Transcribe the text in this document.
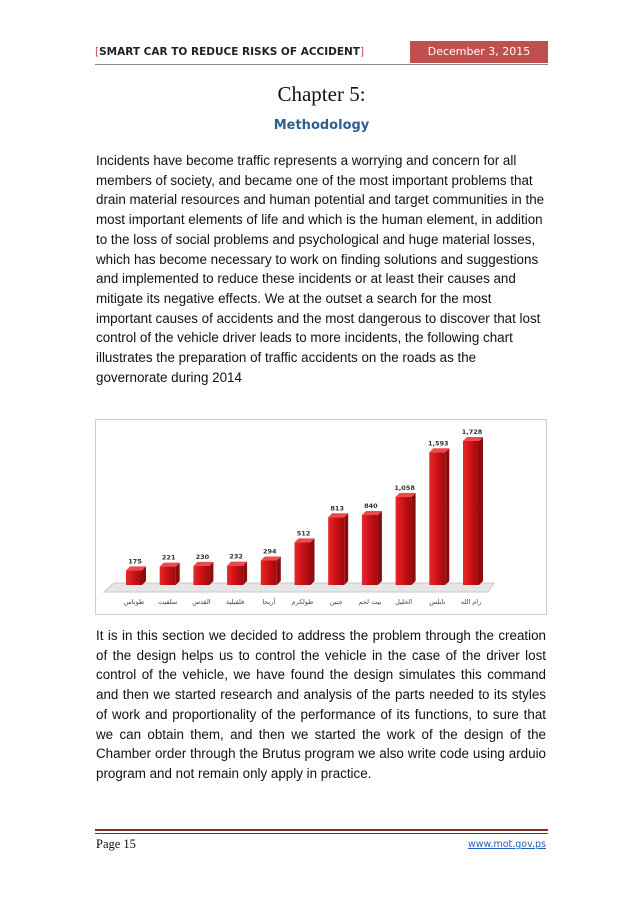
[SMART CAR TO REDUCE RISKS OF ACCIDENT]	December 3, 2015
Chapter 5:
Methodology

Incidents have become traffic represents a worrying and concern for all members of society, and became one of the most important problems that drain material resources and human potential and target communities in the most important elements of life and which is the human element, in addition to the loss of social problems and psychological and huge material losses, which has become necessary to work on finding solutions and suggestions and implemented to reduce these incidents or at least their causes and mitigate its negative effects. We at the outset a search for the most important causes of accidents and the most dangerous to discover that lost control of the vehicle driver leads to more incidents, the following chart illustrates the preparation of traffic accidents on the roads as the governorate during 2014

175	221	230	232
294
512
813	840
1,058
1,593
1,728
طوباس سلفيت القدس قلقيلية	أريحا	طولكرم	جنين بيت لحم الخليل	نابلس رام الله

It is in this section we decided to address the problem through the creation of the design helps us to control the vehicle in the case of the driver lost control of the vehicle, we have found the design simulates this command and then we started research and analysis of the parts needed to its styles of work and proportionality of the performance of its functions, to sure that we can obtain them, and then we started the work of the design of the Chamber order through the Brutus program we also write code using arduio program and not remain only apply in practice.

Page 15	www.mot.gov.ps
